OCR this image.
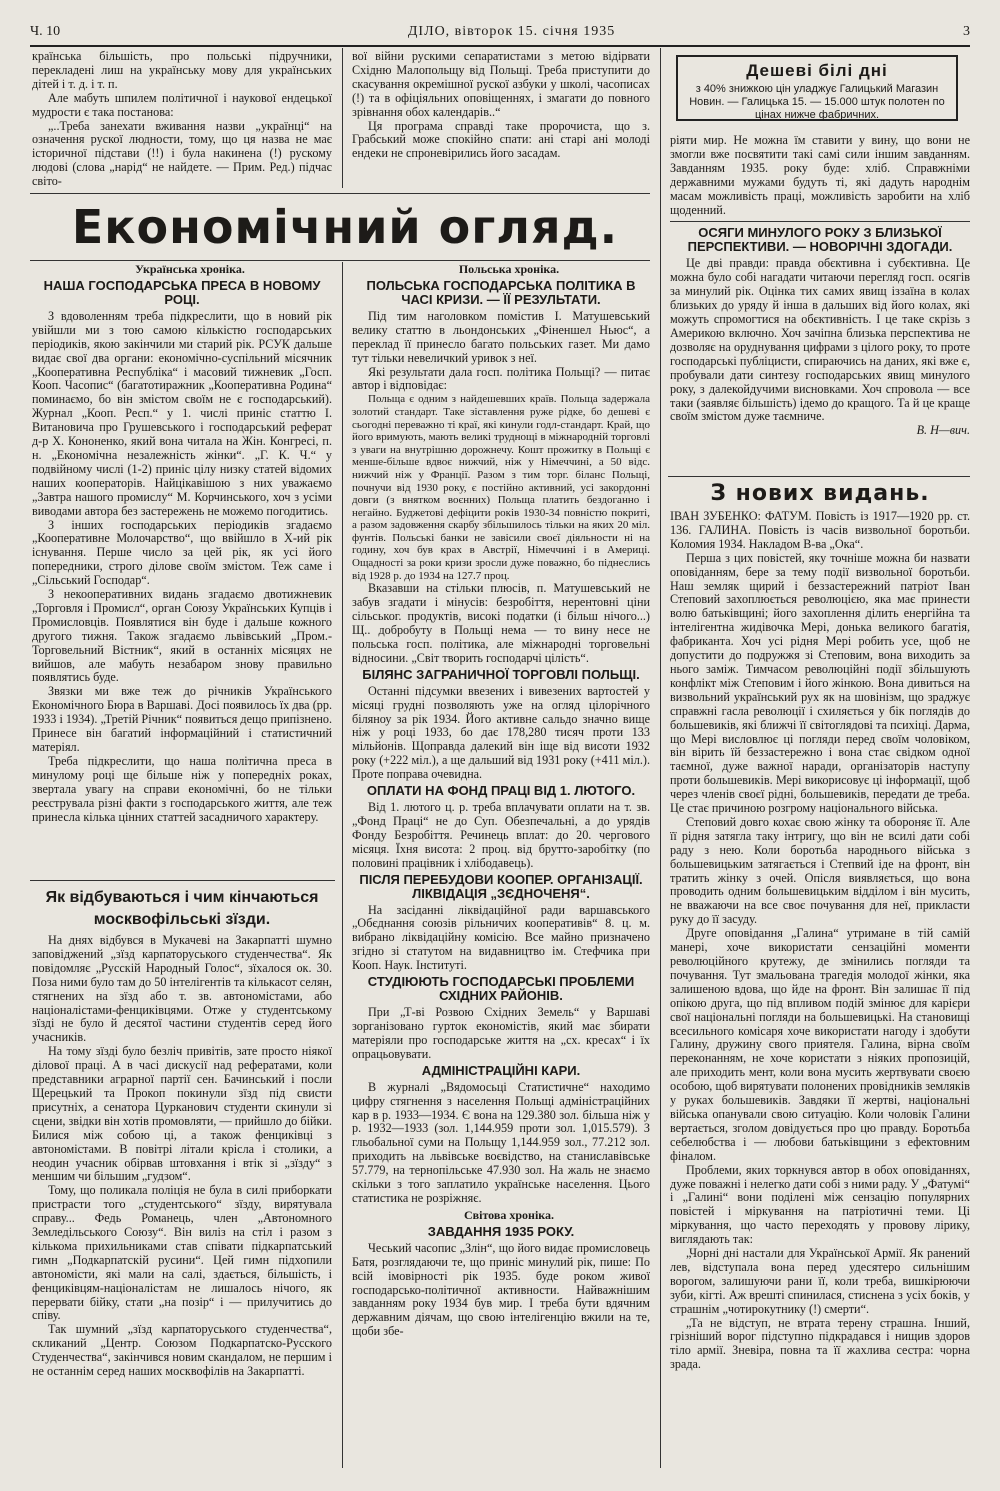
Ч. 10	ДІЛО, вівторок 15. січня 1935	3

країнська більшість, про польські підручники, перекладені лиш на українську мову для українських дітей і т. д. і т. п.

Але мабуть шпилем політичної і наукової ендецької мудрости є така постанова:

„..Треба занехати вживання назви „українці“ на означення рускої людности, тому, що ця назва не має історичної підстави (!!) і була накинена (!) рускому людові (слова „нарід“ не найдете. — Прим. Ред.) підчас світо-

вої війни рускими сепаратистами з метою відірвати Східню Малопольщу від Польщі. Треба приступити до скасування окремішної рускої азбуки у школі, часописах (!) та в офіціяльних оповіщеннях, і змагати до повного зрівнання обох календарів..“

Ця програма справді таке пророчиста, що з. Грабський може спокійно спати: ані старі ані молоді ендеки не спроневірились його засадам.

Дешеві білі дні
з 40% знижкою цін уладжує Галицький Магазин Новин. — Галицька 15. — 15.000 штук полотен по цінах нижче фабричних.

ріяти мир. Не можна їм ставити у вину, що вони не змогли вже посвятити такі самі сили іншим завданням. Завданням 1935. року буде: хліб. Справжніми державними мужами будуть ті, які дадуть народнім масам можливість праці, можливість заробити на хліб щоденний.

ОСЯГИ МИНУЛОГО РОКУ З БЛИЗЬКОЇ ПЕРСПЕКТИВИ. — НОВОРІЧНІ ЗДОГАДИ.

Це дві правди: правда обєктивна і субєктивна. Це можна було собі нагадати читаючи перегляд госп. осягів за минулий рік. Оцінка тих самих явищ іззаїна в колах близьких до уряду й іншa в дальших від його колах, які можуть спромогтися на обєктивність. І це таке скрізь з Америкою включно. Хоч зачіпна близька перспектива не дозволяє на оруднування цифрами з цілого року, то проте господарські публіцисти, спираючись на даних, які вже є, пробували дати синтезу господарських явищ минулого року, з далекойдучими висновками. Хоч спровола — все таки (заявляє більшість) ідемо до кращого. Та й це краще своїм змістом дуже таємниче.

В. Н—вич.

Економічний огляд.

Українська хроніка.

НАША ГОСПОДАРСЬКА ПРЕСА В НОВОМУ РОЦІ.

З вдоволенням треба підкреслити, що в новий рік увійшли ми з тою самою кількістю господарських періодиків, якою закінчили ми старий рік. РСУК дальше видає свої два органи: економічно-суспільний місячник „Кооперативна Республіка“ і масовий тижневик „Госп. Кооп. Часопис“ (багатотиражник „Кооперативна Родина“ поминаємо, бо він змістом своїм не є господарський). Журнал „Кооп. Респ.“ у 1. числі приніс статтю І. Витановича про Грушевського і господарський реферат д-р Х. Кононенко, який вона читала на Жін. Конгресі, п. н. „Економічна незалежність жінки“. „Г. К. Ч.“ у подвійному числі (1-2) приніс цілу низку статей відомих наших кооператорів. Найцікавішою з них уважаємо „Завтра нашого промислу“ М. Корчинського, хоч з усіми виводами автора без застережень не можемо погодитись.

З інших господарських періодиків згадаємо „Кооперативне Молочарство“, що ввійшло в Х-ий рік існування. Перше число за цей рік, як усі його попередники, строго ділове своїм змістом. Теж саме і „Сільський Господар“.

З некооперативних видань згадаємо двотижневик „Торговля і Промисл“, орган Союзу Українських Купців і Промисловців. Появлятися він буде і дальше кожного другого тижня. Також згадаємо львівський „Пром.-Торговельний Вістник“, який в останніх місяцях не вийшов, але мабуть незабаром знову правильно появлятись буде.

Звязки ми вже теж до річників Українського Економічного Бюра в Варшаві. Досі появилось їх два (рр. 1933 і 1934). „Третій Річник“ появиться дещо припізнено. Принесе він багатий інформаційний і статистичний матеріял.

Треба підкреслити, що наша політична преса в минулому році ще більше ніж у попередніх роках, звертала увагу на справи економічні, бо не тільки реєструвала різні факти з господарського життя, але теж принесла кілька цінних статтей засадничого характеру.

Як відбуваються і чим кінчаються москвофільські зїзди.

На днях відбувся в Мукачеві на Закарпатті шумно заповіджений „зїзд карпаторуського студенчества“. Як повідомляє „Русскій Народный Голос“, зїхалося ок. 30. Поза ними було там до 50 інтелігентів та кількасот селян, стягнених на зїзд або т. зв. автономістами, або націоналістами-фенциківцями. Отже у студентському зїзді не було й десятої частини студентів серед його учасників.

На тому зїзді було безліч привітів, зате просто ніякої ділової праці. А в часі дискусії над рефератами, коли представники аграрної партії сен. Бачинський і посли Щерецький та Прокоп покинули зїзд під свисти присутніх, а сенатора Цурканович студенти скинули зі сцени, звідки він хотів промовляти, — прийшло до бійки. Билися між собою ці, а також фенциківці з автономістами. В повітрі літали крісла і столики, а неодин учасник обірвав штовхання і втік зі „зїзду“ з меншим чи більшим „гудзом“.

Тому, що поликала поліція не була в силі приборкати пристрасти того „студентського“ зїзду, вирятувала справу... Федь Романець, член „Автономного Земледільського Союзу“. Він виліз на стіл і разом з кількома прихильниками став співати підкарпатський гимн „Подкарпатскій русини“. Цей гимн підхопили автономісти, які мали на салі, здається, більшість, і фенциківцям-націоналістам не лишалось нічого, як перервати бійку, стати „на позір“ і — прилучитись до співу.

Так шумний „зїзд карпаторуського студенчества“, скликаний „Центр. Союзом Подкарпатско-Русского Студенчества“, закінчився новим скандалом, не першим і не останнім серед наших москвофілів на Закарпатті.

Польська хроніка.

ПОЛЬСЬКА ГОСПОДАРСЬКА ПОЛІТИКА В ЧАСІ КРИЗИ. — ЇЇ РЕЗУЛЬТАТИ.

Під тим наголовком помістив І. Матушевський велику статтю в льондонських „Фіненшел Ньюс“, а переклад її принесло багато польських газет. Ми дамо тут тільки невеличкий уривок з неї.

Які результати дала госп. політика Польщі? — питає автор і відповідає:

Польща є одним з найдешевших країв. Польща задержала золотий стандарт. Таке зіставлення руже рідке, бо дешеві є сьогодні переважно ті краї, які кинули годл-стандарт. Край, що його вримують, мають великі труднощі в міжнародній торговлі з уваги на внутрішню дорожнечу. Кошт прожитку в Польщі є менше-більше вдвоє нижчий, ніж у Німеччині, а 50 відс. нижчий ніж у Франції. Разом з тим торг. біланс Польщі, почнучи від 1930 року, є постійно активний, усі закордонні довги (з внятком воєнних) Польща платить бездоганно і негайно. Буджетові дефіцити років 1930-34 повністю покриті, а разом задовження скарбу збільшилось тільки на яких 20 міл. фунтів. Польські банки не завісили своєї діяльности ні на годину, хоч був крах в Австрії, Німеччині і в Америці. Ощадності за роки кризи зросли дуже поважно, бо піднеслись від 1928 р. до 1934 на 127.7 проц.

Вказавши на стільки плюсів, п. Матушевський не забув згадати і мінусів: безробіття, нерентовні ціни сільськог. продуктів, високі податки (і більш нічого...) Щ.. добробуту в Польщі нема — то вину несе не польська госп. політика, але міжнародні торговельні відносини. „Світ творить господарчі цілість“.

БІЛЯНС ЗАГРАНИЧНОЇ ТОРГОВЛІ ПОЛЬЩІ.

Останні підсумки ввезених і вивезених вартостей у місяці грудні позволяють уже на огляд цілорічного біляноу за рік 1934. Його активне сальдо значно вище ніж у році 1933, бо дає 178,280 тисяч проти 133 мільйонів. Щоправда далекий він іще від висоти 1932 року (+222 міл.), а ще дальший від 1931 року (+411 міл.). Проте поправа очевидна.

ОПЛАТИ НА ФОНД ПРАЦІ ВІД 1. ЛЮТОГО.

Від 1. лютого ц. р. треба вплачувати оплати на т. зв. „Фонд Праці“ не до Суп. Обезпечальні, а до урядів Фонду Безробіття. Речинець вплат: до 20. чергового місяця. Їхня висота: 2 проц. від брутто-заробітку (по половині працівник і хлібодавець).

ПІСЛЯ ПЕРЕБУДОВИ КООПЕР. ОРГАНІЗАЦІЇ. ЛІКВІДАЦІЯ „ЗЄДНОЧЕНЯ“.

На засіданні ліквідаційної ради варшавського „Обєднання союзів рільничих кооперативів“ 8. ц. м. вибрано ліквідаційну комісію. Все майно призначено згідно зі статутом на видавництво ім. Стефчика при Кооп. Наук. Інституті.

СТУДІЮЮТЬ ГОСПОДАРСЬКІ ПРОБЛЕМИ СХІДНИХ РАЙОНІВ.

При „Т-ві Розвою Східних Земель“ у Варшаві зорганізовано гурток економістів, який має збирати матеріяли про господарське життя на „сх. кресах“ і їх опрацьовувати.

АДМІНІСТРАЦІЙНІ КАРИ.

В журналі „Вядомосьці Статистичне“ находимо цифру стягнення з населення Польщі адміністраційних кар в р. 1933—1934. Є вона на 129.380 зол. більша ніж у р. 1932—1933 (зол. 1,144.959 проти зол. 1,015.579). З гльобальної суми на Польщу 1,144.959 зол., 77.212 зол. приходить на львівське воєвідство, на станиславівське 57.779, на тернопільське 47.930 зол. На жаль не знаємо скільки з того заплатило українське населення. Цього статистика не розріжняє.

Світова хроніка.

ЗАВДАННЯ 1935 РОКУ.

Чеський часопис „Злін“, що його видає промисловець Батя, розглядаючи те, що приніс минулий рік, пише: По всій імовірності рік 1935. буде роком живої господарсько-політичної активности. Найважнішим завданням року 1934 був мир. І треба бути вдячним державним діячам, що свою інтелігенцію вжили на те, щоби збе-

З нових видань.

ІВАН ЗУБЕНКО: ФАТУМ. Повість із 1917—1920 рр. ст. 136. ГАЛИНА. Повість із часів визвольної боротьби. Коломия 1934. Накладом В-ва „Ока“.

Перша з цих повістей, яку точніше можна би назвати оповіданням, бере за тему події визвольної боротьби. Наш земляк щирий і беззастережний патріот Іван Степовий захоплюється революцією, яка має принести волю батьківщині; його захоплення ділить енергійна та інтелігентна жидівочка Мері, донька великого багатія, фабриканта. Хоч усі рідня Мері робить усе, щоб не допустити до подружжя зі Степовим, вона виходить за нього заміж. Тимчасом революційні події збільшують конфлікт між Степовим і його жінкою. Вона дивиться на визвольний український рух як на шовінізм, що зраджує справжні гасла революції і схиляється у бік поглядів до большевиків, які ближчі її світоглядові та психіці. Дарма, що Мері висловлює ці погляди перед своїм чоловіком, він вірить їй беззастережно і вона стає свідком одної таємної, дуже важної наради, організаторів наступу проти большевиків. Мері викорисовує ці інформації, щоб через членів своєї рідні, большевиків, передати де треба. Це стає причиною розгрому національного війська.

Степовий довго кохає свою жінку та обороняє її. Але її рідня затягла таку інтригу, що він не всилі дати собі раду з нею. Коли боротьба народнього війська з большевицьким затягається і Степвий іде на фронт, він тратить жінку з очей. Опісля виявляється, що вона проводить одним большевицьким відділом і він мусить, не вважаючи на все своє почування для неї, прикласти руку до її засуду.

Друге оповідання „Галина“ утримане в тій самій манері, хоче використати сензаційні моменти революційного крутежу, де змінились погляди та почування. Тут змальована трагедія молодої жінки, яка залишеною вдова, що йде на фронт. Він залишає її під опікою друга, що під впливом подій змінює для карієри свої національні погляди на большевицькі. На становищі всесильного комісаря хоче використати нагоду і здобути Галину, дружину свого приятеля. Галина, вірна своїм переконанням, не хоче користати з ніяких пропозицій, але приходить мент, коли вона мусить жертвувати своєю особою, щоб вирятувати полонених провідників земляків у руках большевиків. Завдяки її жертві, національні війська опанували свою ситуацію. Коли чоловік Галини вертається, зголом довідується про цю правду. Боротьба себелюбства і — любови батьківщини з ефектовним фіналом.

Проблеми, яких торкнувся автор в обох оповіданнях, дуже поважні і нелегко дати собі з ними раду. У „Фатумі“ і „Галині“ вони поділені між сензацію популярних повістей і міркування на патріотичні теми. Ці міркування, що часто переходять у провову лірику, виглядають так:

„Чорні дні настали для Української Армії. Як ранений лев, відступала вона перед удесятеро сильнішим ворогом, залишуючи рани її, коли треба, вишкірюючи зуби, кігті. Аж врешті спинилася, стиснена з усіх боків, у страшнім „чотирокутнику (!) смерти“.

„Та не відступ, не втрата терену страшна. Інший, грізніший ворог підступно підкрадався і нищив здоров тіло армії. Зневіра, повна та її жахлива сестра: чорна зрада.
